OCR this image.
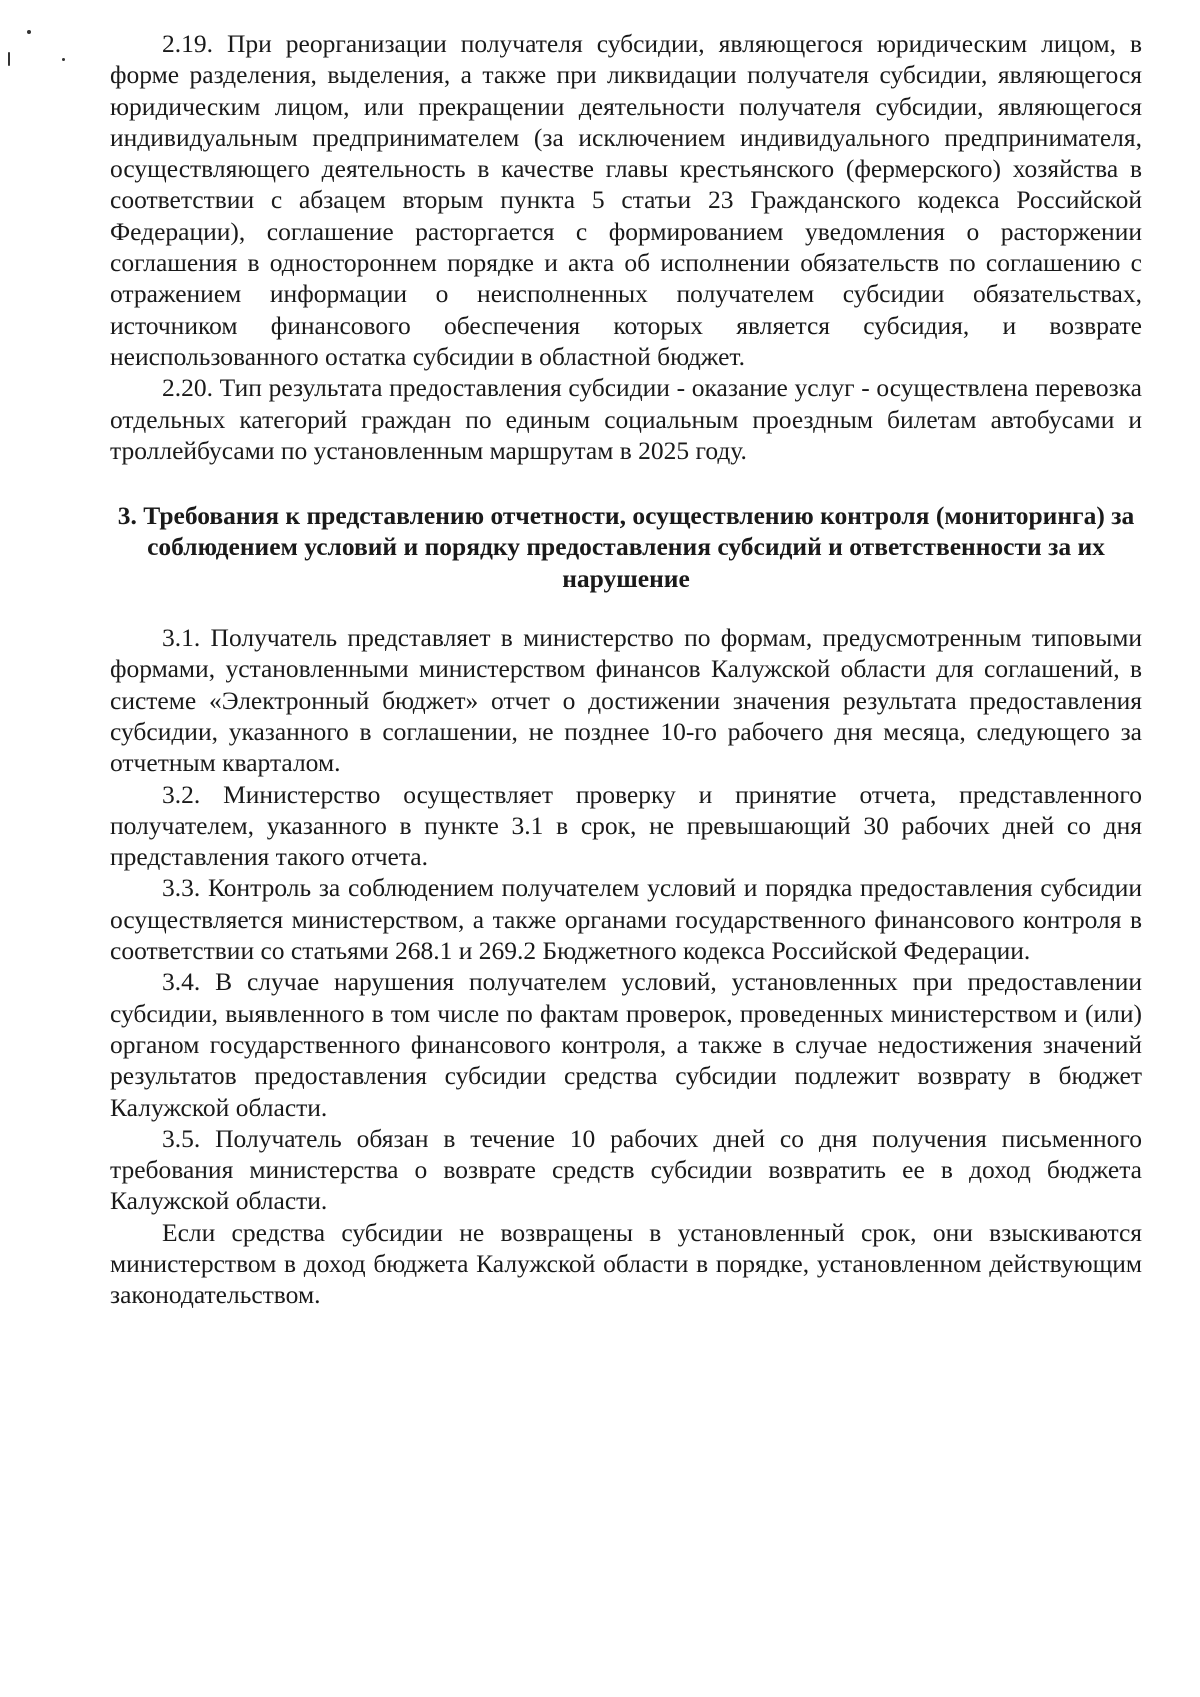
2.19. При реорганизации получателя субсидии, являющегося юридическим лицом, в форме разделения, выделения, а также при ликвидации получателя субсидии, являющегося юридическим лицом, или прекращении деятельности получателя субсидии, являющегося индивидуальным предпринимателем (за исключением индивидуального предпринимателя, осуществляющего деятельность в качестве главы крестьянского (фермерского) хозяйства в соответствии с абзацем вторым пункта 5 статьи 23 Гражданского кодекса Российской Федерации), соглашение расторгается с формированием уведомления о расторжении соглашения в одностороннем порядке и акта об исполнении обязательств по соглашению с отражением информации о неисполненных получателем субсидии обязательствах, источником финансового обеспечения которых является субсидия, и возврате неиспользованного остатка субсидии в областной бюджет.

2.20. Тип результата предоставления субсидии - оказание услуг - осуществлена перевозка отдельных категорий граждан по единым социальным проездным билетам автобусами и троллейбусами по установленным маршрутам в 2025 году.

3. Требования к представлению отчетности, осуществлению контроля (мониторинга) за соблюдением условий и порядку предоставления субсидий и ответственности за их нарушение

3.1. Получатель представляет в министерство по формам, предусмотренным типовыми формами, установленными министерством финансов Калужской области для соглашений, в системе «Электронный бюджет» отчет о достижении значения результата предоставления субсидии, указанного в соглашении, не позднее 10-го рабочего дня месяца, следующего за отчетным кварталом.

3.2. Министерство осуществляет проверку и принятие отчета, представленного получателем, указанного в пункте 3.1 в срок, не превышающий 30 рабочих дней со дня представления такого отчета.

3.3. Контроль за соблюдением получателем условий и порядка предоставления субсидии осуществляется министерством, а также органами государственного финансового контроля в соответствии со статьями 268.1 и 269.2 Бюджетного кодекса Российской Федерации.

3.4. В случае нарушения получателем условий, установленных при предоставлении субсидии, выявленного в том числе по фактам проверок, проведенных министерством и (или) органом государственного финансового контроля, а также в случае недостижения значений результатов предоставления субсидии средства субсидии подлежит возврату в бюджет Калужской области.

3.5. Получатель обязан в течение 10 рабочих дней со дня получения письменного требования министерства о возврате средств субсидии возвратить ее в доход бюджета Калужской области.

Если средства субсидии не возвращены в установленный срок, они взыскиваются министерством в доход бюджета Калужской области в порядке, установленном действующим законодательством.
